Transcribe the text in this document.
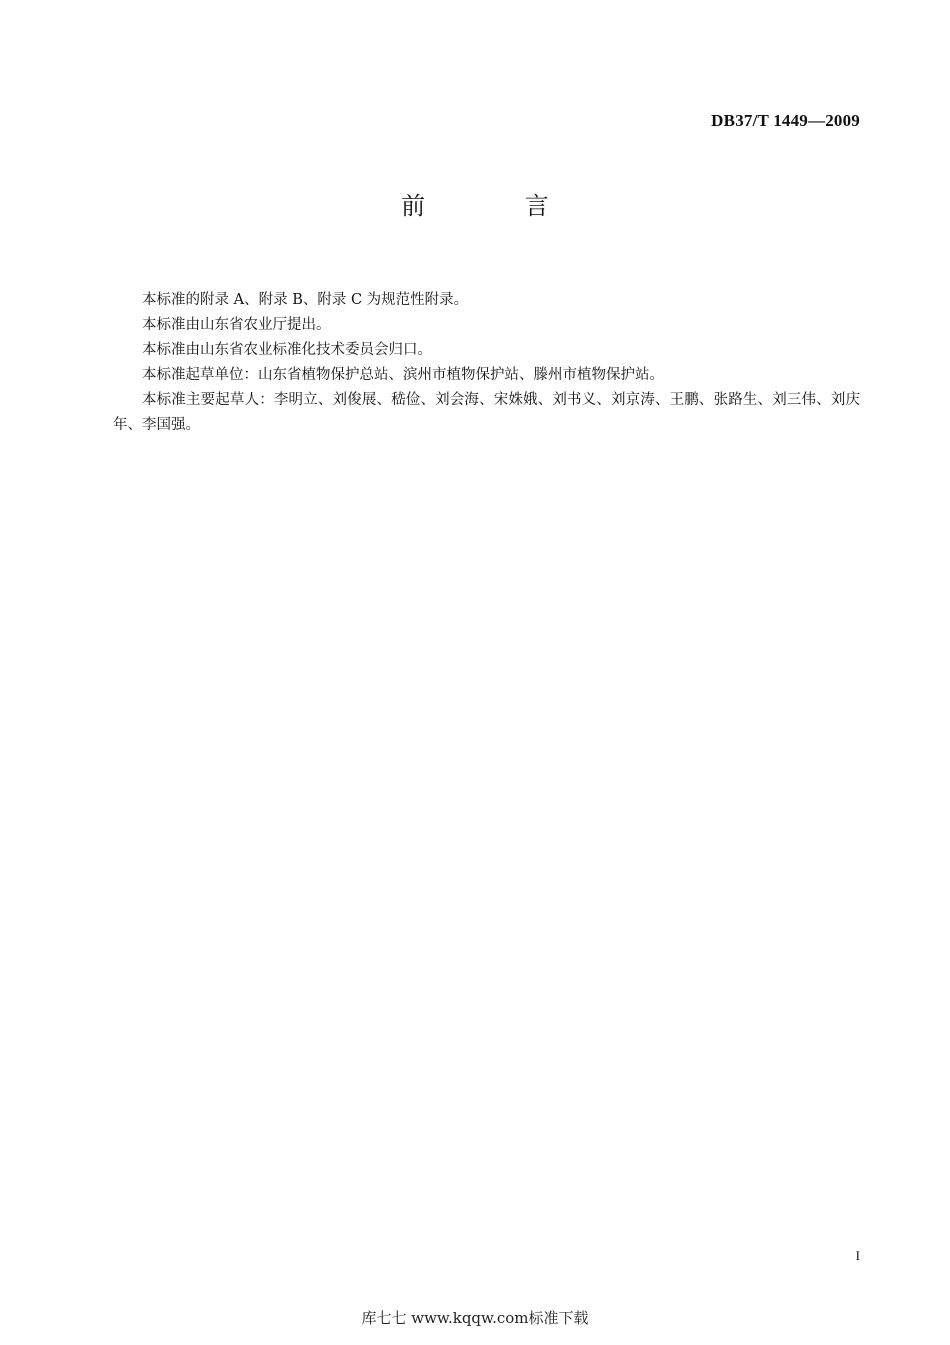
DB37/T 1449—2009
前 言

本标准的附录 A、附录 B、附录 C 为规范性附录。

本标准由山东省农业厅提出。

本标准由山东省农业标准化技术委员会归口。

本标准起草单位：山东省植物保护总站、滨州市植物保护站、滕州市植物保护站。

本标准主要起草人：李明立、刘俊展、嵇俭、刘会海、宋姝娥、刘书义、刘京涛、王鹏、张路生、刘三伟、刘庆年、李国强。

I
库七七 www.kqqw.com标准下载
